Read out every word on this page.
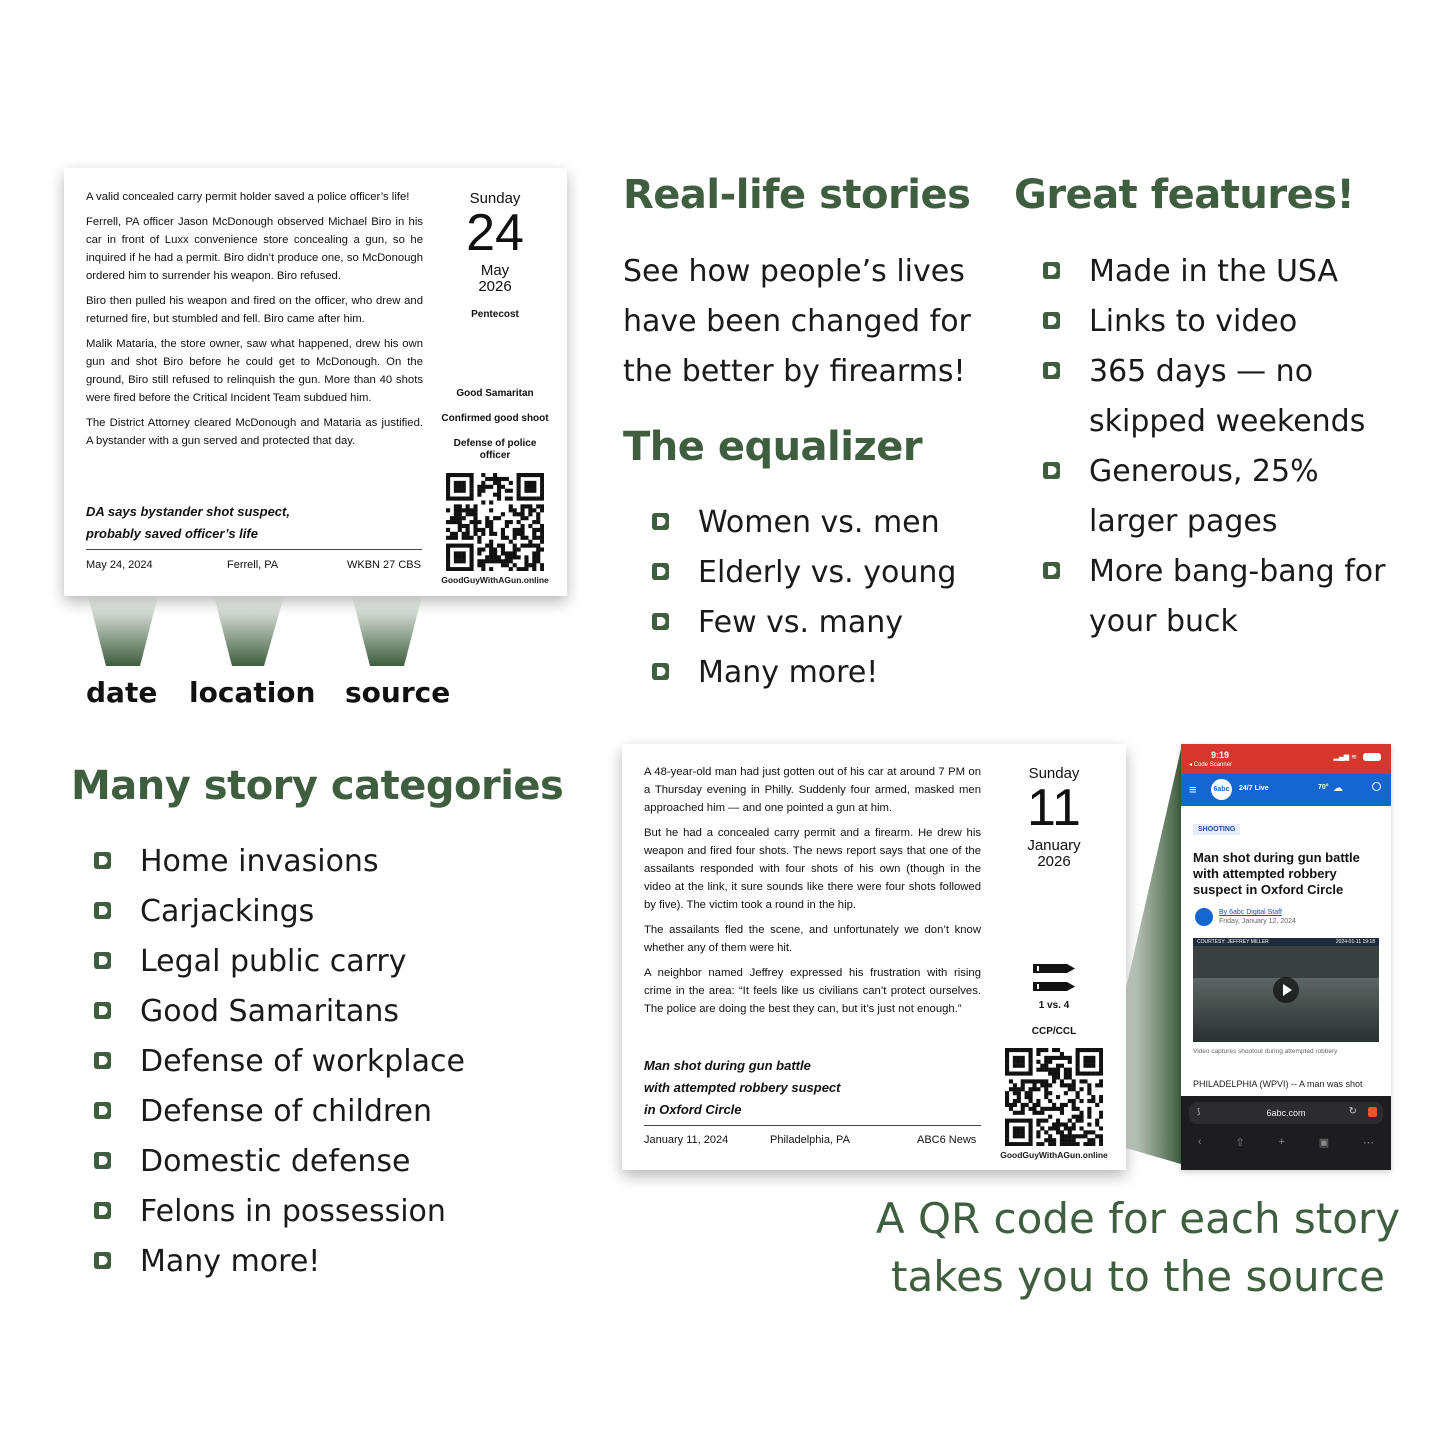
A valid concealed carry permit holder saved a police officer’s life!

Ferrell, PA officer Jason McDonough observed Michael Biro in his car in front of Luxx convenience store concealing a gun, so he inquired if he had a permit. Biro didn’t produce one, so McDonough ordered him to surrender his weapon. Biro refused.

Biro then pulled his weapon and fired on the officer, who drew and returned fire, but stumbled and fell. Biro came after him.

Malik Mataria, the store owner, saw what happened, drew his own gun and shot Biro before he could get to McDonough. On the ground, Biro still refused to relinquish the gun. More than 40 shots were fired before the Critical Incident Team subdued him.

The District Attorney cleared McDonough and Mataria as justified. A bystander with a gun served and protected that day.

DA says bystander shot suspect,
probably saved officer’s life
May 24, 2024	Ferrell, PA	WKBN 27 CBS
Sunday
24
May
2026
Pentecost
Good Samaritan
Confirmed good shoot
Defense of police officer
GoodGuyWithAGun.online
date location source
Real-life stories
See how people’s lives
have been changed for
the better by firearms!
The equalizer
Women vs. men
Elderly vs. young
Few vs. many
Many more!
Great features!
Made in the USA
Links to video
365 days — no
skipped weekends
Generous, 25%
larger pages
More bang-bang for
your buck
Many story categories
Home invasions
Carjackings
Legal public carry
Good Samaritans
Defense of workplace
Defense of children
Domestic defense
Felons in possession
Many more!

A 48-year-old man had just gotten out of his car at around 7 PM on a Thursday evening in Philly. Suddenly four armed, masked men approached him — and one pointed a gun at him.

But he had a concealed carry permit and a firearm. He drew his weapon and fired four shots. The news report says that one of the assailants responded with four shots of his own (though in the video at the link, it sure sounds like there were four shots followed by five). The victim took a round in the hip.

The assailants fled the scene, and unfortunately we don’t know whether any of them were hit.

A neighbor named Jeffrey expressed his frustration with rising crime in the area: “It feels like us civilians can’t protect ourselves. The police are doing the best they can, but it’s just not enough.”

Man shot during gun battle
with attempted robbery suspect
in Oxford Circle
January 11, 2024	Philadelphia, PA	ABC6 News
Sunday
11
January
2026
1 vs. 4
CCP/CCL
GoodGuyWithAGun.online
9:19
◂ Code Scanner
▂▄▆ ≋
≡	6abc	24/7 Live	70° ☁
SHOOTING
Man shot during gun battle with attempted robbery suspect in Oxford Circle
By 6abc Digital Staff
Friday, January 12, 2024
COURTESY: JEFFREY MILLER	2024-01-11 19:18
Video captures shootout during attempted robbery
PHILADELPHIA (WPVI) -- A man was shot
⟆	6abc.com	↻
‹	⇧	+	▣	⋯
A QR code for each story
takes you to the source
